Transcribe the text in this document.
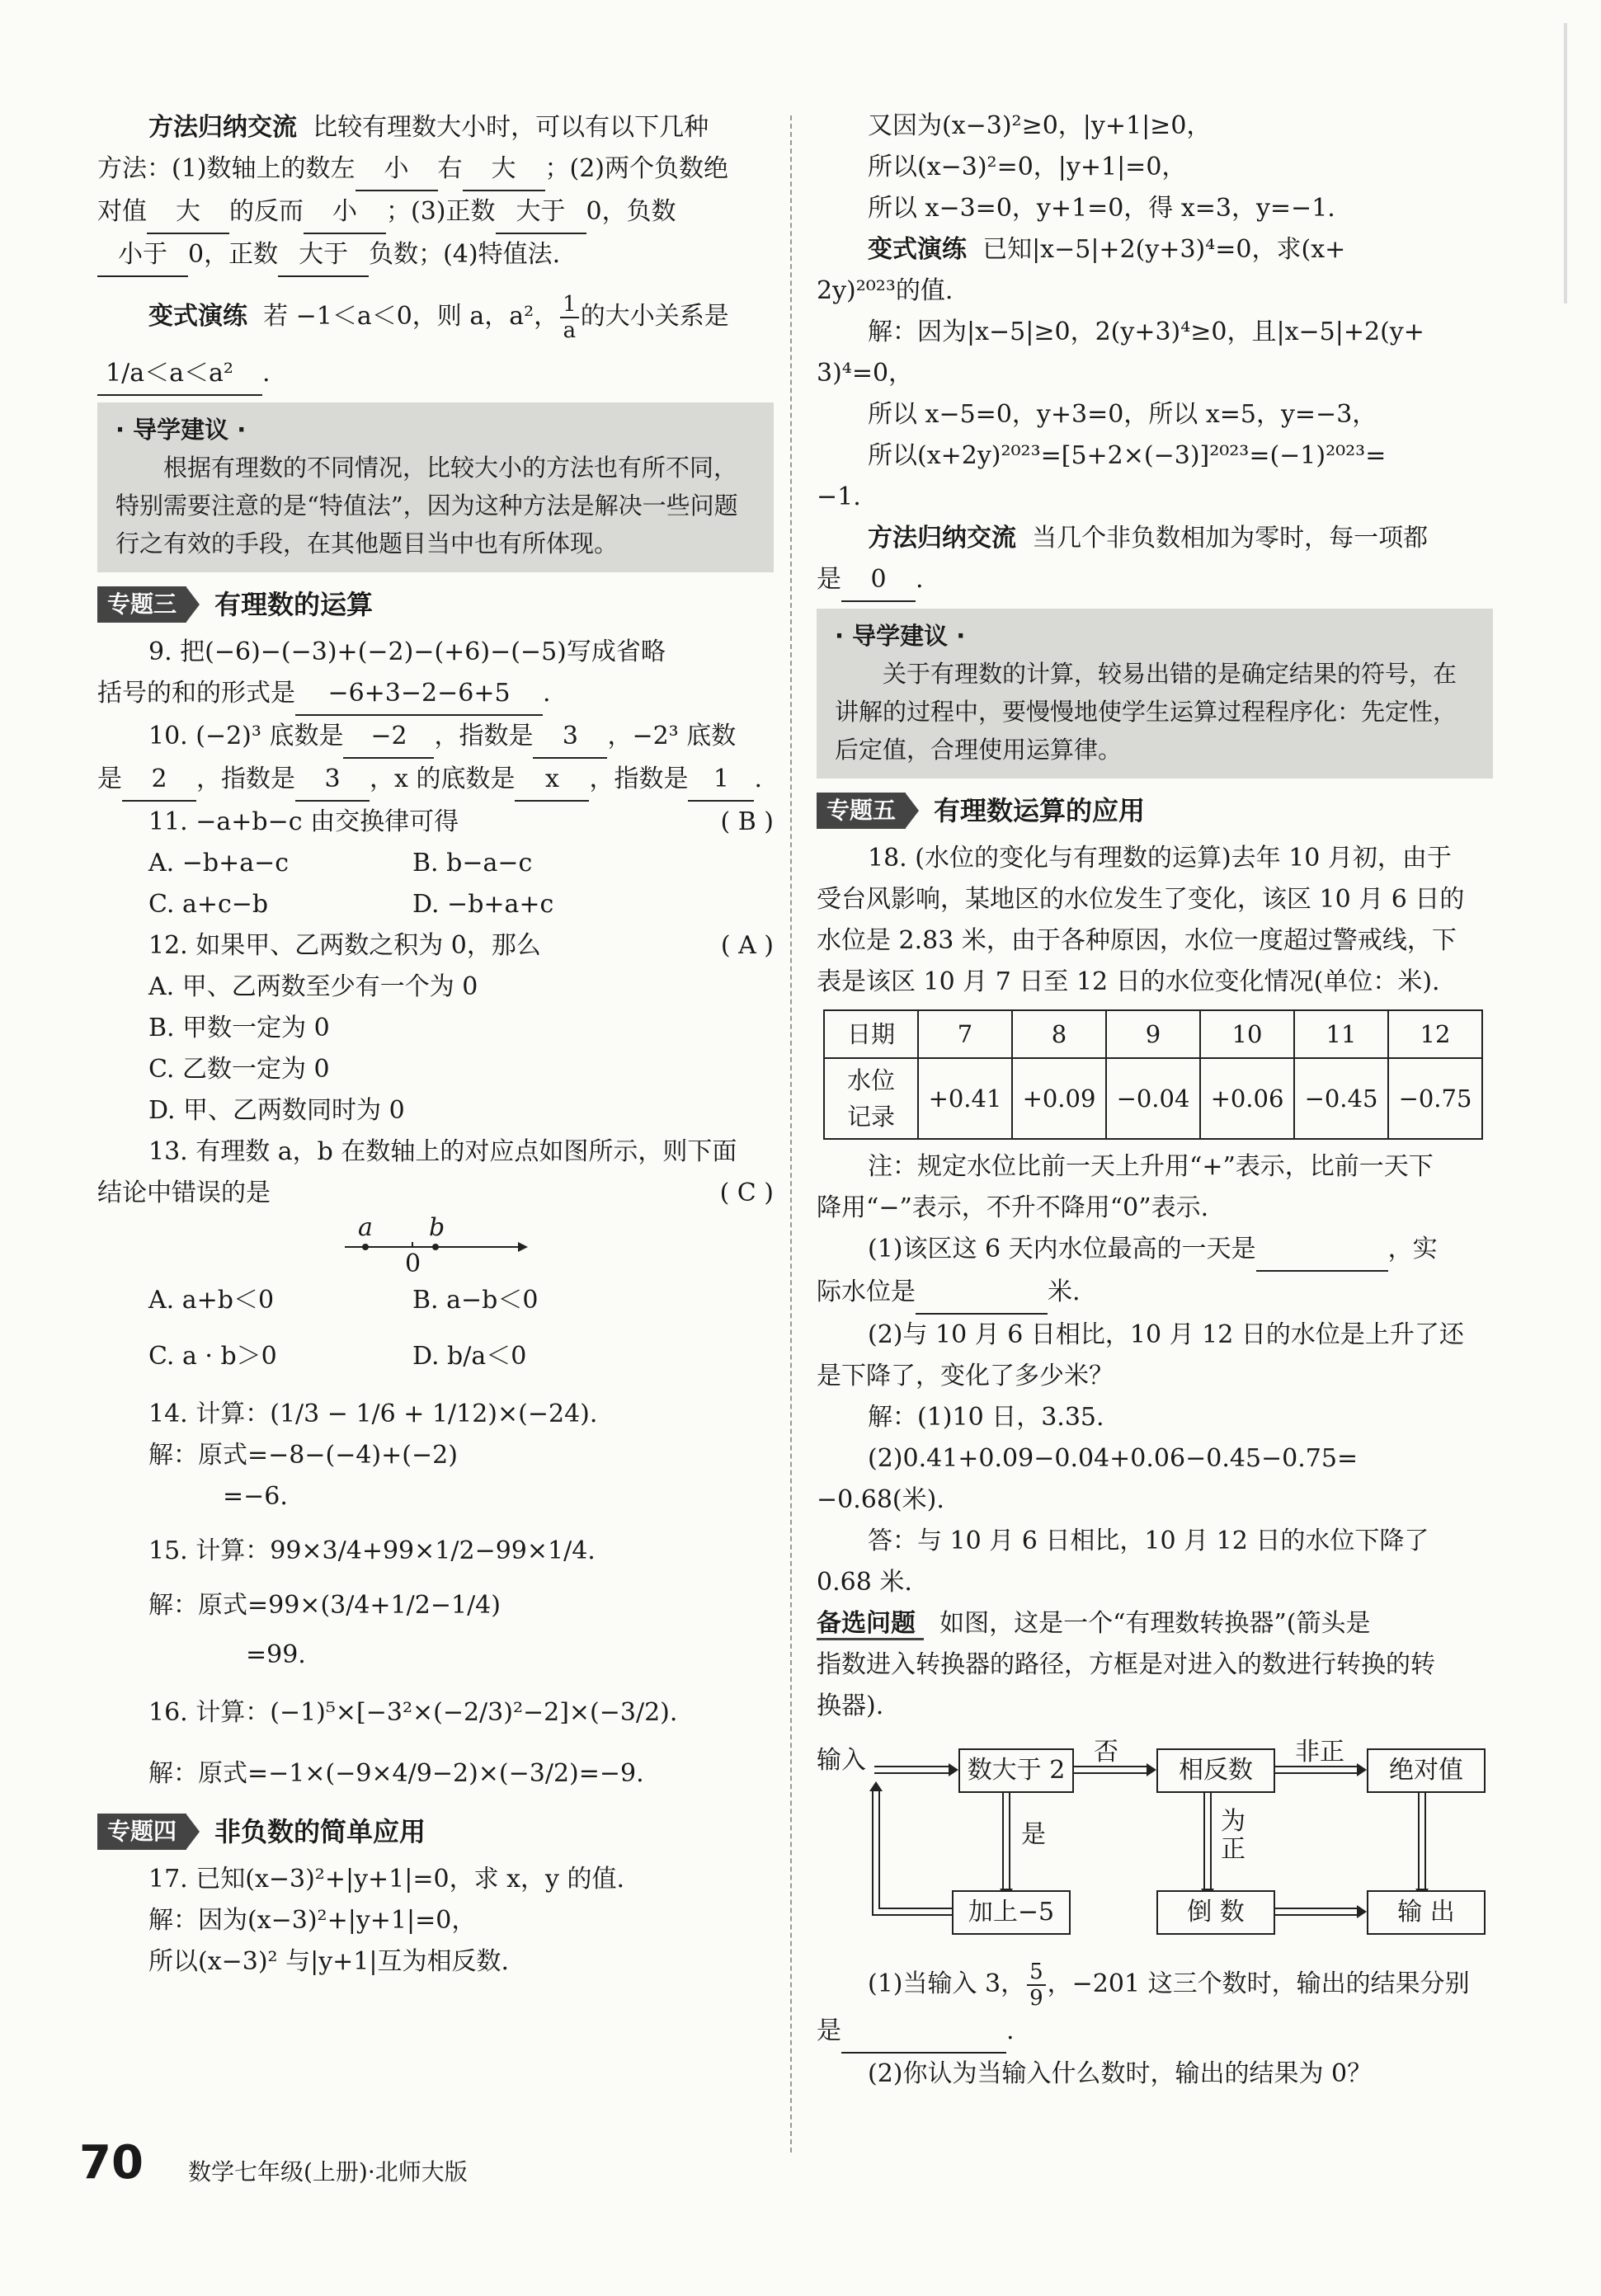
方法归纳交流 比较有理数大小时，可以有以下几种

方法：(1)数轴上的数左 小 右 大 ；(2)两个负数绝

对值 大 的反而 小 ；(3)正数 大于 0，负数

小于 0，正数 大于 负数；(4)特值法.

变式演练 若 −1＜a＜0，则 a，a²， $\frac{1}{a}$ 的大小关系是

1/a＜a＜a² .

· 导学建议 ·

根据有理数的不同情况，比较大小的方法也有所不同，特别需要注意的是“特值法”，因为这种方法是解决一些问题行之有效的手段，在其他题目当中也有所体现。

专题三	有理数的运算

9. 把(−6)−(−3)+(−2)−(+6)−(−5)写成省略

括号的和的形式是 −6+3−2−6+5 .

10. (−2)³ 底数是 −2 ，指数是 3 ，−2³ 底数

是 2 ，指数是 3 ，x 的底数是 x ，指数是 1 .

11. −a+b−c 由交换律可得	( B )

A. −b+a−c	B. b−a−c
C. a+c−b	D. −b+a+c

12. 如果甲、乙两数之积为 0，那么	( A )

A. 甲、乙两数至少有一个为 0

B. 甲数一定为 0

C. 乙数一定为 0

D. 甲、乙两数同时为 0

13. 有理数 a，b 在数轴上的对应点如图所示，则下面

结论中错误的是	( C )

a b
0
A. a+b＜0	B. a−b＜0
C. a · b＞0	D. b/a＜0

14. 计算：(1/3 − 1/6 + 1/12)×(−24).

解：原式=−8−(−4)+(−2)

=−6.

15. 计算：99×3/4+99×1/2−99×1/4.

解：原式=99×(3/4+1/2−1/4)

=99.

16. 计算：(−1)⁵×[−3²×(−2/3)²−2]×(−3/2).

解：原式=−1×(−9×4/9−2)×(−3/2)=−9.

专题四	非负数的简单应用

17. 已知(x−3)²+|y+1|=0，求 x，y 的值.

解：因为(x−3)²+|y+1|=0，

所以(x−3)² 与|y+1|互为相反数.

又因为(x−3)²≥0，|y+1|≥0，

所以(x−3)²=0，|y+1|=0，

所以 x−3=0，y+1=0，得 x=3，y=−1.

变式演练 已知|x−5|+2(y+3)⁴=0，求(x+

2y)²⁰²³的值.

解：因为|x−5|≥0，2(y+3)⁴≥0，且|x−5|+2(y+

3)⁴=0，

所以 x−5=0，y+3=0，所以 x=5，y=−3，

所以(x+2y)²⁰²³=[5+2×(−3)]²⁰²³=(−1)²⁰²³=

−1.

方法归纳交流 当几个非负数相加为零时，每一项都

是 0 .

· 导学建议 ·

关于有理数的计算，较易出错的是确定结果的符号，在讲解的过程中，要慢慢地使学生运算过程程序化：先定性，后定值，合理使用运算律。

专题五	有理数运算的应用

18. (水位的变化与有理数的运算)去年 10 月初，由于

受台风影响，某地区的水位发生了变化，该区 10 月 6 日的

水位是 2.83 米，由于各种原因，水位一度超过警戒线，下

表是该区 10 月 7 日至 12 日的水位变化情况(单位：米).

日期	7	8	9	10	11	12
水位
记录	+0.41	+0.09	−0.04	+0.06	−0.45	−0.75

注：规定水位比前一天上升用“+”表示，比前一天下

降用“−”表示，不升不降用“0”表示.

(1)该区这 6 天内水位最高的一天是	，实

际水位是	米.

(2)与 10 月 6 日相比，10 月 12 日的水位是上升了还

是下降了，变化了多少米？

解：(1)10 日，3.35.

(2)0.41+0.09−0.04+0.06−0.45−0.75=

−0.68(米).

答：与 10 月 6 日相比，10 月 12 日的水位下降了

0.68 米.

备选问题 如图，这是一个“有理数转换器”(箭头是

指数进入转换器的路径，方框是对进入的数进行转换的转

换器).

输入	数大于 2
否
相反数
非正
绝对值
是	为
正
加上−5	倒 数	输 出

(1)当输入 3， $\frac{5}{9}$ ，−201 这三个数时，输出的结果分别

是	.

(2)你认为当输入什么数时，输出的结果为 0？

70 数学七年级(上册)·北师大版
